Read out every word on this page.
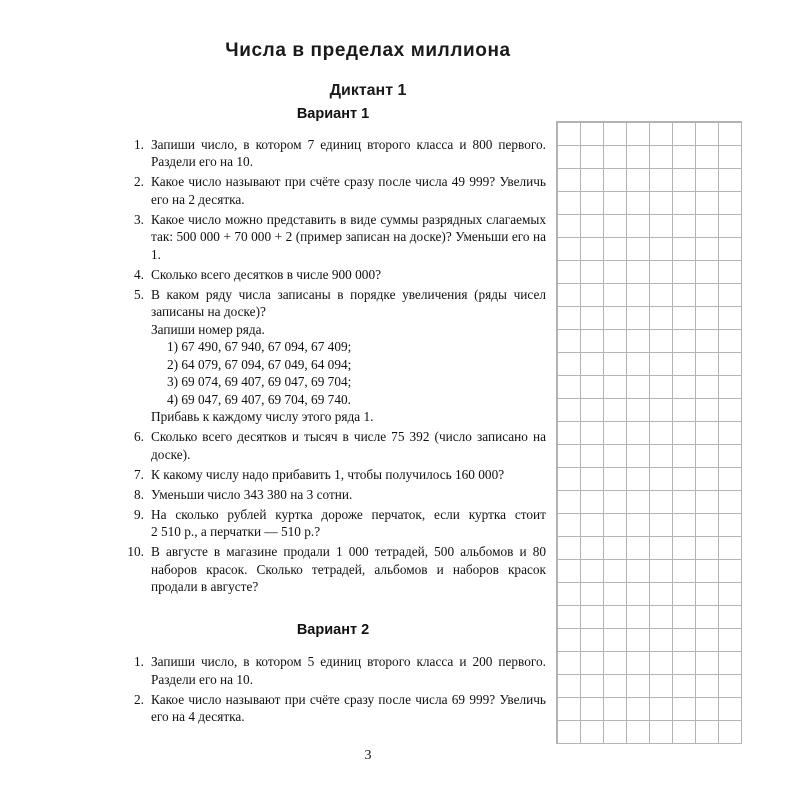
Числа в пределах миллиона
Диктант 1
Вариант 1
1. Запиши число, в котором 7 единиц второго класса и 800 первого. Раздели его на 10.
2. Какое число называют при счёте сразу после числа 49 999? Увеличь его на 2 десятка.
3. Какое число можно представить в виде суммы разрядных слагаемых так: 500 000 + 70 000 + 2 (пример записан на доске)? Уменьши его на 1.
4. Сколько всего десятков в числе 900 000?
5. В каком ряду числа записаны в порядке увеличения (ряды чисел записаны на доске)?
Запиши номер ряда.
1) 67 490, 67 940, 67 094, 67 409;
2) 64 079, 67 094, 67 049, 64 094;
3) 69 074, 69 407, 69 047, 69 704;
4) 69 047, 69 407, 69 704, 69 740.
Прибавь к каждому числу этого ряда 1.
6. Сколько всего десятков и тысяч в числе 75 392 (число записано на доске).
7. К какому числу надо прибавить 1, чтобы получилось 160 000?
8. Уменьши число 343 380 на 3 сотни.
9. На сколько рублей куртка дороже перчаток, если куртка стоит 2 510 р., а перчатки — 510 р.?
10. В августе в магазине продали 1 000 тетрадей, 500 альбомов и 80 наборов красок. Сколько тетрадей, альбомов и наборов красок продали в августе?
Вариант 2
1. Запиши число, в котором 5 единиц второго класса и 200 первого. Раздели его на 10.
2. Какое число называют при счёте сразу после числа 69 999? Увеличь его на 4 десятка.
3
